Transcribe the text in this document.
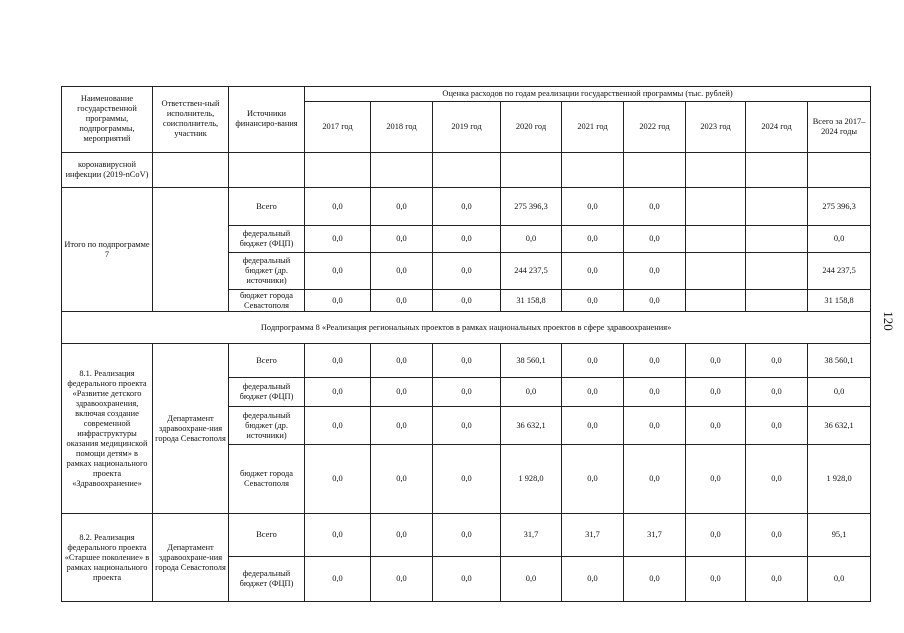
Наименование государственной программы, подпрограммы, мероприятий	Ответствен-ный исполнитель, соисполнитель, участник	Источники финансиро-вания	Оценка расходов по годам реализации государственной программы (тыс. рублей)								
			2017 год	2018 год	2019 год	2020 год	2021 год	2022 год	2023 год	2024 год	Всего за 2017–2024 годы
коронавирусной инфекции (2019-nCoV)											
Итого по подпрограмме 7		Всего	0,0	0,0	0,0	275 396,3	0,0	0,0			275 396,3
		федеральный бюджет (ФЦП)	0,0	0,0	0,0	0,0	0,0	0,0			0,0
		федеральный бюджет (др. источники)	0,0	0,0	0,0	244 237,5	0,0	0,0			244 237,5
		бюджет города Севастополя	0,0	0,0	0,0	31 158,8	0,0	0,0			31 158,8
Подпрограмма 8 «Реализация региональных проектов в рамках национальных проектов в сфере здравоохранения»											
8.1. Реализация федерального проекта «Развитие детского здравоохранения, включая создание современной инфраструктуры оказания медицинской помощи детям» в рамках национального проекта «Здравоохранение»	Департамент здравоохране-ния города Севастополя	Всего	0,0	0,0	0,0	38 560,1	0,0	0,0	0,0	0,0	38 560,1
		федеральный бюджет (ФЦП)	0,0	0,0	0,0	0,0	0,0	0,0	0,0	0,0	0,0
		федеральный бюджет (др. источники)	0,0	0,0	0,0	36 632,1	0,0	0,0	0,0	0,0	36 632,1
		бюджет города Севастополя	0,0	0,0	0,0	1 928,0	0,0	0,0	0,0	0,0	1 928,0
8.2. Реализация федерального проекта «Старшее поколение» в рамках национального проекта	Департамент здравоохране-ния города Севастополя	Всего	0,0	0,0	0,0	31,7	31,7	31,7	0,0	0,0	95,1
		федеральный бюджет (ФЦП)	0,0	0,0	0,0	0,0	0,0	0,0	0,0	0,0	0,0
120
